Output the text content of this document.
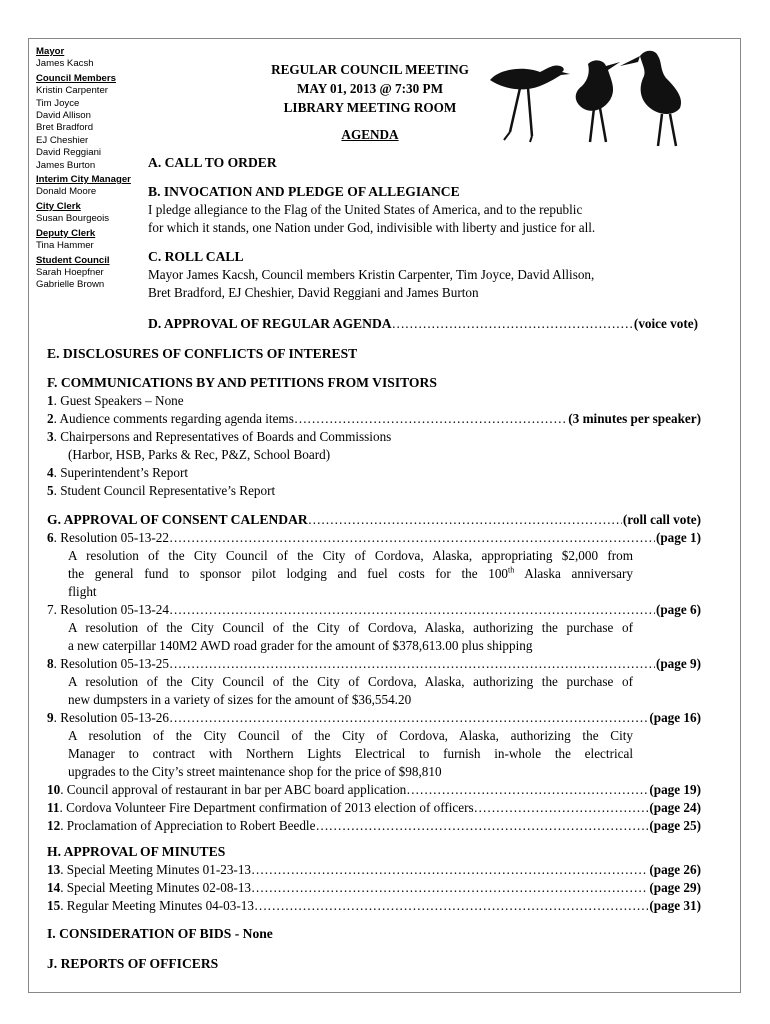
Mayor
James Kacsh
Council Members
Kristin Carpenter
Tim Joyce
David Allison
Bret Bradford
EJ Cheshier
David Reggiani
James Burton
Interim City Manager
Donald Moore
City Clerk
Susan Bourgeois
Deputy Clerk
Tina Hammer
Student Council
Sarah Hoepfner
Gabrielle Brown
REGULAR COUNCIL MEETING
MAY 01, 2013 @ 7:30 PM
LIBRARY MEETING ROOM
AGENDA
A. CALL TO ORDER
B. INVOCATION AND PLEDGE OF ALLEGIANCE
I pledge allegiance to the Flag of the United States of America, and to the republic
for which it stands, one Nation under God, indivisible with liberty and justice for all.
C. ROLL CALL
Mayor James Kacsh, Council members Kristin Carpenter, Tim Joyce, David Allison,
Bret Bradford, EJ Cheshier, David Reggiani and James Burton
D. APPROVAL OF REGULAR AGENDA ……………………………………………………………………………………………………………………………………………………………………………………………………………………	(voice vote)
E. DISCLOSURES OF CONFLICTS OF INTEREST
F. COMMUNICATIONS BY AND PETITIONS FROM VISITORS
1. Guest Speakers – None
2 . Audience comments regarding agenda items ……………………………………………………………………………………………………………………………………………………………………………………………………………………	(3 minutes per speaker)
3. Chairpersons and Representatives of Boards and Commissions
(Harbor, HSB, Parks & Rec, P&Z, School Board)
4. Superintendent’s Report
5. Student Council Representative’s Report
G. APPROVAL OF CONSENT CALENDAR ……………………………………………………………………………………………………………………………………………………………………………………………………………………	(roll call vote)
6 . Resolution 05-13-22 ……………………………………………………………………………………………………………………………………………………………………………………………………………………	(page 1)
A resolution of the City Council of the City of Cordova, Alaska, appropriating $2,000 from
the general fund to sponsor pilot lodging and fuel costs for the 100th Alaska anniversary
flight
7. Resolution 05-13-24 ……………………………………………………………………………………………………………………………………………………………………………………………………………………	(page 6)
A resolution of the City Council of the City of Cordova, Alaska, authorizing the purchase of
a new caterpillar 140M2 AWD road grader for the amount of $378,613.00 plus shipping
8 . Resolution 05-13-25 ……………………………………………………………………………………………………………………………………………………………………………………………………………………	(page 9)
A resolution of the City Council of the City of Cordova, Alaska, authorizing the purchase of
new dumpsters in a variety of sizes for the amount of $36,554.20
9 . Resolution 05-13-26 ……………………………………………………………………………………………………………………………………………………………………………………………………………………	(page 16)
A resolution of the City Council of the City of Cordova, Alaska, authorizing the City
Manager to contract with Northern Lights Electrical to furnish in-whole the electrical
upgrades to the City’s street maintenance shop for the price of $98,810
10 . Council approval of restaurant in bar per ABC board application ……………………………………………………………………………………………………………………………………………………………………………………………………………………	(page 19)
11 . Cordova Volunteer Fire Department confirmation of 2013 election of officers ……………………………………………………………………………………………………………………………………………………………………………………………………………………	(page 24)
12 . Proclamation of Appreciation to Robert Beedle ……………………………………………………………………………………………………………………………………………………………………………………………………………………	(page 25)
H. APPROVAL OF MINUTES
13 . Special Meeting Minutes 01-23-13 ……………………………………………………………………………………………………………………………………………………………………………………………………………………	(page 26)
14 . Special Meeting Minutes 02-08-13 ……………………………………………………………………………………………………………………………………………………………………………………………………………………	(page 29)
15 . Regular Meeting Minutes 04-03-13 ……………………………………………………………………………………………………………………………………………………………………………………………………………………	(page 31)
I. CONSIDERATION OF BIDS - None
J. REPORTS OF OFFICERS
